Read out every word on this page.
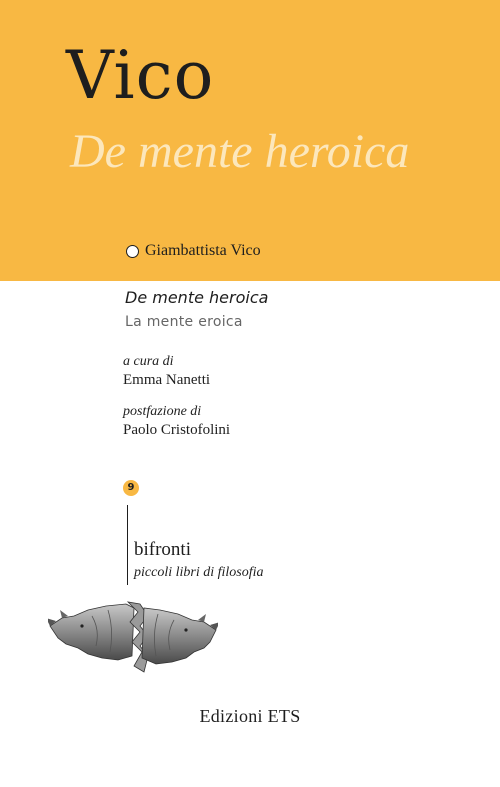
Vico
De mente heroica
Giambattista Vico
De mente heroica
La mente eroica
a cura di
Emma Nanetti
postfazione di
Paolo Cristofolini
9
bifronti
piccoli libri di filosofia
Edizioni ETS
